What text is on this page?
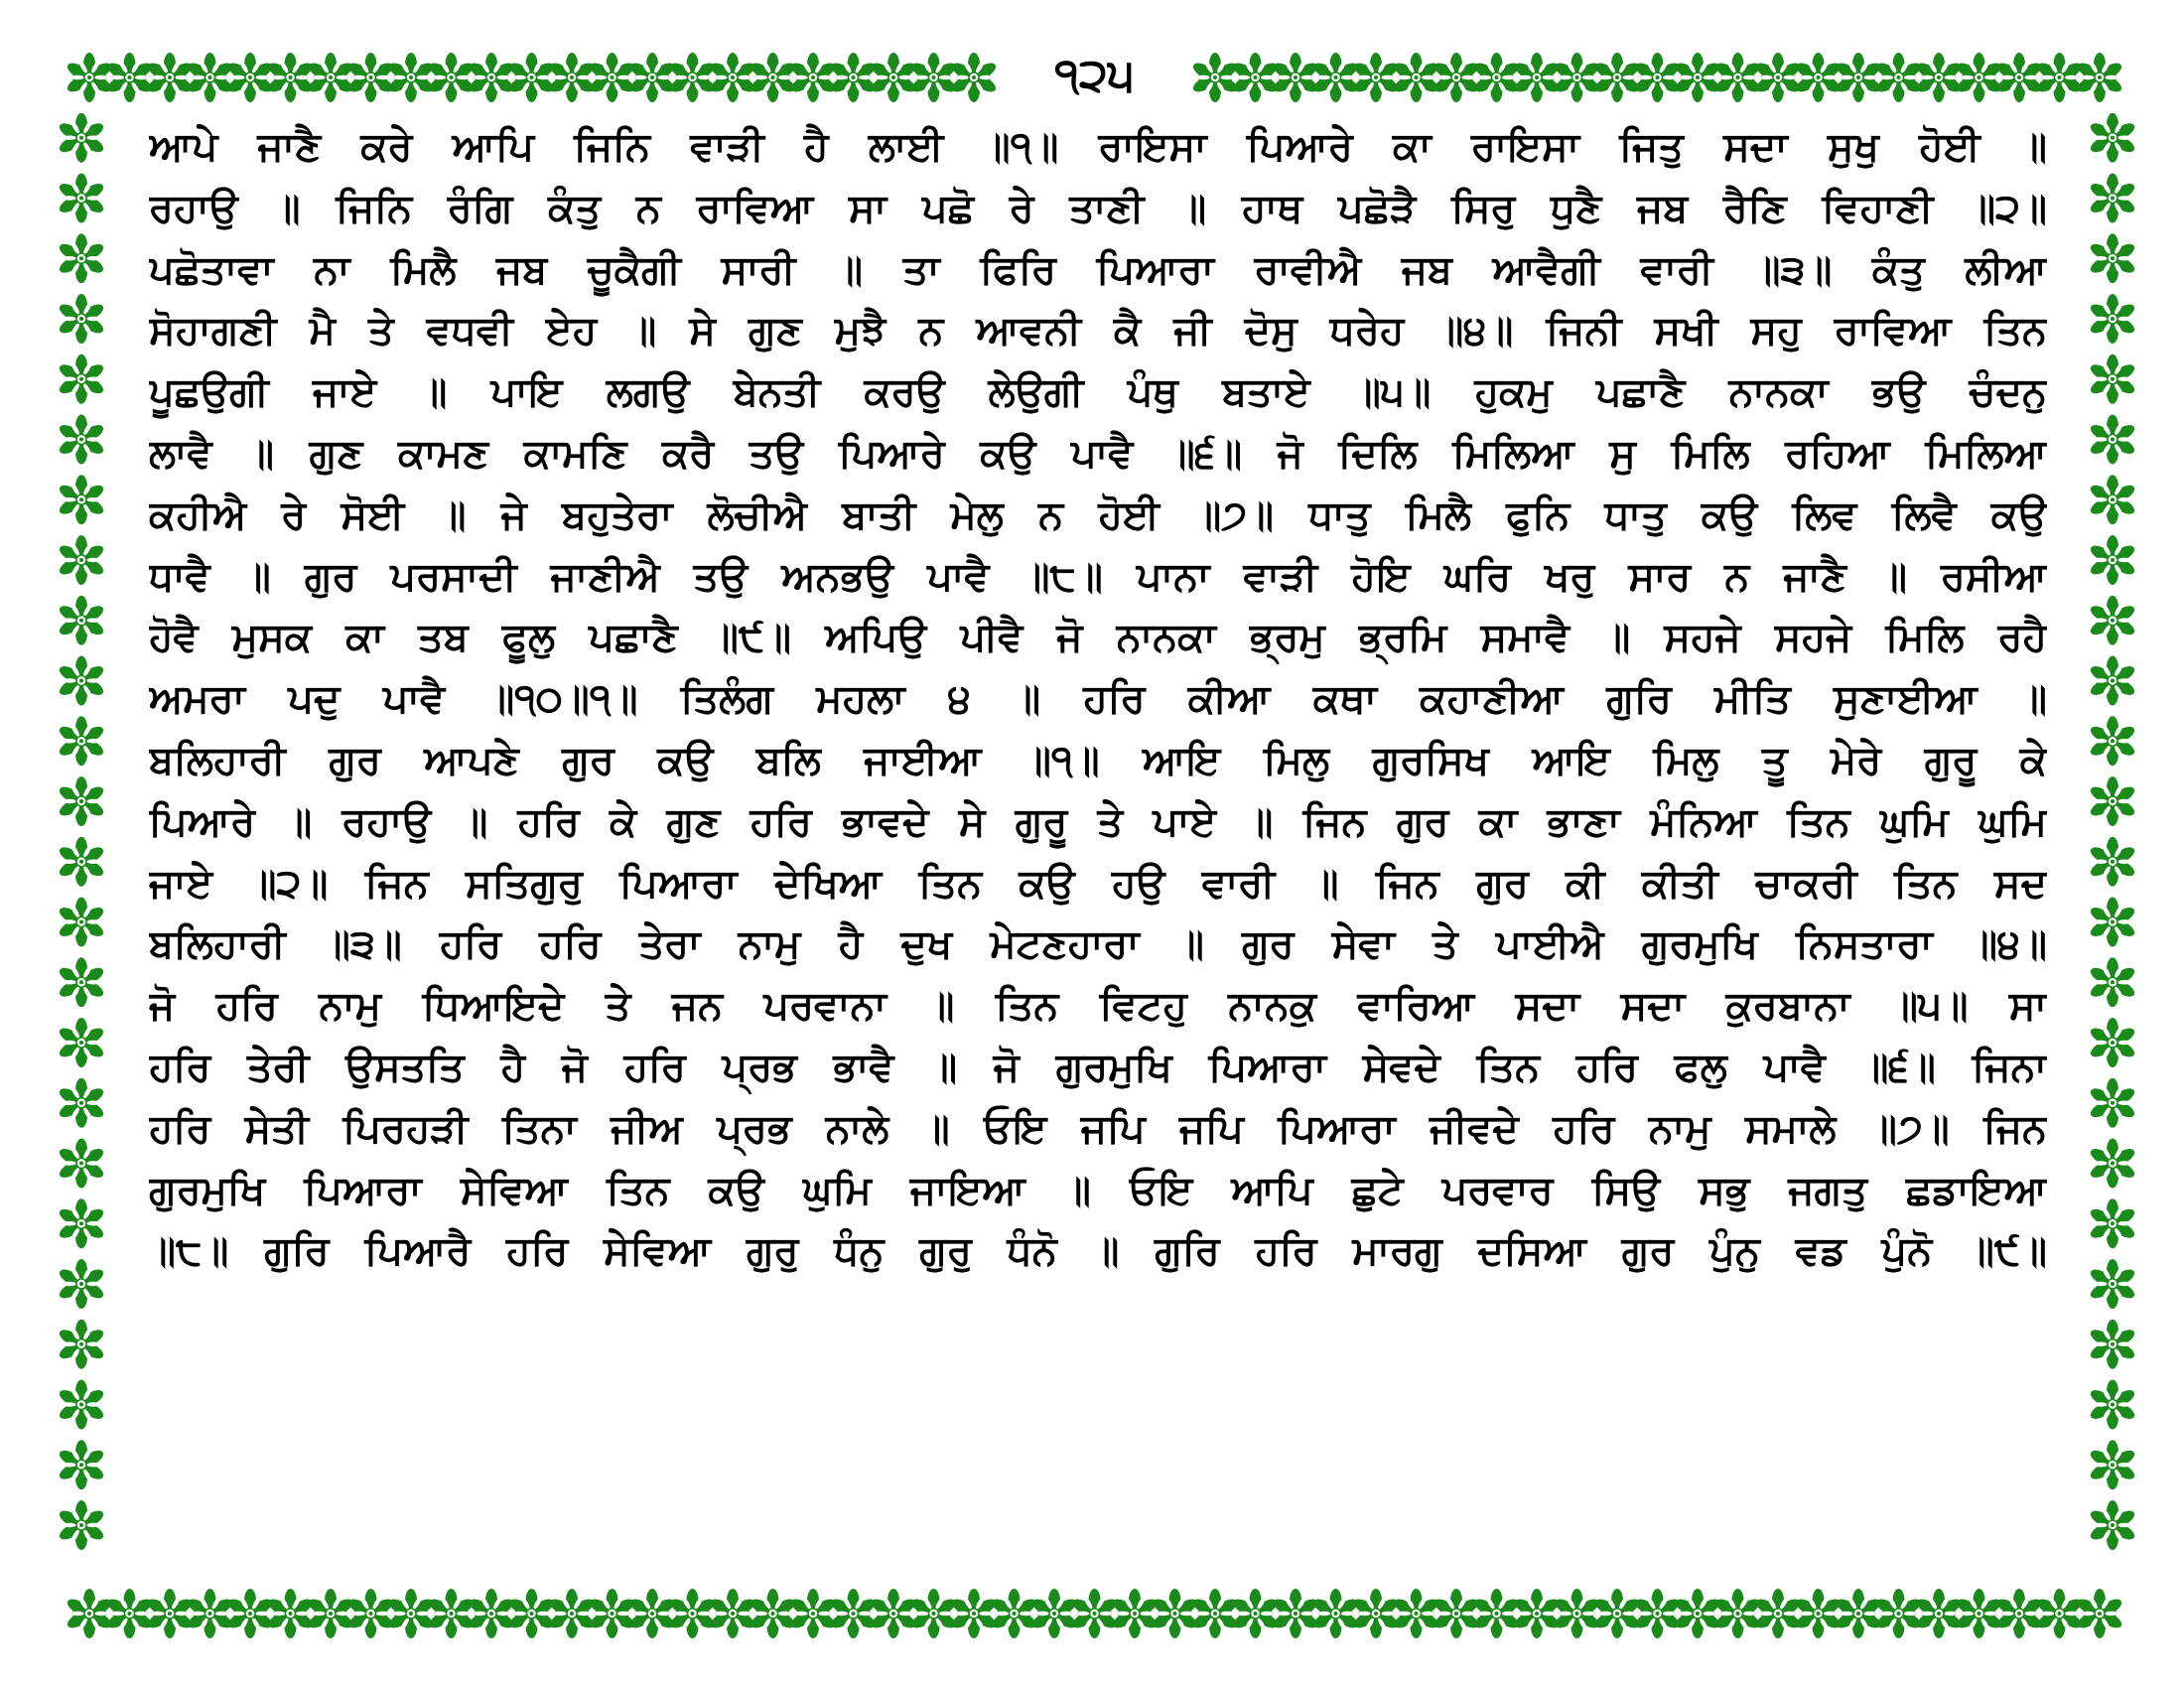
੧੨੫
ਆਪੇ ਜਾਣੈ ਕਰੇ ਆਪਿ ਜਿਨਿ ਵਾੜੀ ਹੈ ਲਾਈ ॥੧॥ ਰਾਇਸਾ ਪਿਆਰੇ ਕਾ ਰਾਇਸਾ ਜਿਤੁ ਸਦਾ ਸੁਖੁ ਹੋਈ ॥
ਰਹਾਉ ॥ ਜਿਨਿ ਰੰਗਿ ਕੰਤੁ ਨ ਰਾਵਿਆ ਸਾ ਪਛੋ ਰੇ ਤਾਣੀ ॥ ਹਾਥ ਪਛੋੜੈ ਸਿਰੁ ਧੁਣੈ ਜਬ ਰੈਣਿ ਵਿਹਾਣੀ ॥੨॥
ਪਛੋਤਾਵਾ ਨਾ ਮਿਲੈ ਜਬ ਚੂਕੈਗੀ ਸਾਰੀ ॥ ਤਾ ਫਿਰਿ ਪਿਆਰਾ ਰਾਵੀਐ ਜਬ ਆਵੈਗੀ ਵਾਰੀ ॥੩॥ ਕੰਤੁ ਲੀਆ
ਸੋਹਾਗਣੀ ਮੈ ਤੇ ਵਧਵੀ ਏਹ ॥ ਸੇ ਗੁਣ ਮੁਝੈ ਨ ਆਵਨੀ ਕੈ ਜੀ ਦੋਸੁ ਧਰੇਹ ॥੪॥ ਜਿਨੀ ਸਖੀ ਸਹੁ ਰਾਵਿਆ ਤਿਨ
ਪੂਛਉਗੀ ਜਾਏ ॥ ਪਾਇ ਲਗਉ ਬੇਨਤੀ ਕਰਉ ਲੇਉਗੀ ਪੰਥੁ ਬਤਾਏ ॥੫॥ ਹੁਕਮੁ ਪਛਾਣੈ ਨਾਨਕਾ ਭਉ ਚੰਦਨੁ
ਲਾਵੈ ॥ ਗੁਣ ਕਾਮਣ ਕਾਮਣਿ ਕਰੈ ਤਉ ਪਿਆਰੇ ਕਉ ਪਾਵੈ ॥੬॥ ਜੋ ਦਿਲਿ ਮਿਲਿਆ ਸੁ ਮਿਲਿ ਰਹਿਆ ਮਿਲਿਆ
ਕਹੀਐ ਰੇ ਸੋਈ ॥ ਜੇ ਬਹੁਤੇਰਾ ਲੋਚੀਐ ਬਾਤੀ ਮੇਲੁ ਨ ਹੋਈ ॥੭॥ ਧਾਤੁ ਮਿਲੈ ਫੁਨਿ ਧਾਤੁ ਕਉ ਲਿਵ ਲਿਵੈ ਕਉ
ਧਾਵੈ ॥ ਗੁਰ ਪਰਸਾਦੀ ਜਾਣੀਐ ਤਉ ਅਨਭਉ ਪਾਵੈ ॥੮॥ ਪਾਨਾ ਵਾੜੀ ਹੋਇ ਘਰਿ ਖਰੁ ਸਾਰ ਨ ਜਾਣੈ ॥ ਰਸੀਆ
ਹੋਵੈ ਮੁਸਕ ਕਾ ਤਬ ਫੂਲੁ ਪਛਾਣੈ ॥੯॥ ਅਪਿਉ ਪੀਵੈ ਜੋ ਨਾਨਕਾ ਭ੍ਰਮੁ ਭ੍ਰਮਿ ਸਮਾਵੈ ॥ ਸਹਜੇ ਸਹਜੇ ਮਿਲਿ ਰਹੈ
ਅਮਰਾ ਪਦੁ ਪਾਵੈ ॥੧੦॥੧॥ ਤਿਲੰਗ ਮਹਲਾ ੪ ॥ ਹਰਿ ਕੀਆ ਕਥਾ ਕਹਾਣੀਆ ਗੁਰਿ ਮੀਤਿ ਸੁਣਾਈਆ ॥
ਬਲਿਹਾਰੀ ਗੁਰ ਆਪਣੇ ਗੁਰ ਕਉ ਬਲਿ ਜਾਈਆ ॥੧॥ ਆਇ ਮਿਲੁ ਗੁਰਸਿਖ ਆਇ ਮਿਲੁ ਤੂ ਮੇਰੇ ਗੁਰੂ ਕੇ
ਪਿਆਰੇ ॥ ਰਹਾਉ ॥ ਹਰਿ ਕੇ ਗੁਣ ਹਰਿ ਭਾਵਦੇ ਸੇ ਗੁਰੂ ਤੇ ਪਾਏ ॥ ਜਿਨ ਗੁਰ ਕਾ ਭਾਣਾ ਮੰਨਿਆ ਤਿਨ ਘੁਮਿ ਘੁਮਿ
ਜਾਏ ॥੨॥ ਜਿਨ ਸਤਿਗੁਰੁ ਪਿਆਰਾ ਦੇਖਿਆ ਤਿਨ ਕਉ ਹਉ ਵਾਰੀ ॥ ਜਿਨ ਗੁਰ ਕੀ ਕੀਤੀ ਚਾਕਰੀ ਤਿਨ ਸਦ
ਬਲਿਹਾਰੀ ॥੩॥ ਹਰਿ ਹਰਿ ਤੇਰਾ ਨਾਮੁ ਹੈ ਦੁਖ ਮੇਟਣਹਾਰਾ ॥ ਗੁਰ ਸੇਵਾ ਤੇ ਪਾਈਐ ਗੁਰਮੁਖਿ ਨਿਸਤਾਰਾ ॥੪॥
ਜੋ ਹਰਿ ਨਾਮੁ ਧਿਆਇਦੇ ਤੇ ਜਨ ਪਰਵਾਨਾ ॥ ਤਿਨ ਵਿਟਹੁ ਨਾਨਕੁ ਵਾਰਿਆ ਸਦਾ ਸਦਾ ਕੁਰਬਾਨਾ ॥੫॥ ਸਾ
ਹਰਿ ਤੇਰੀ ਉਸਤਤਿ ਹੈ ਜੋ ਹਰਿ ਪ੍ਰਭ ਭਾਵੈ ॥ ਜੋ ਗੁਰਮੁਖਿ ਪਿਆਰਾ ਸੇਵਦੇ ਤਿਨ ਹਰਿ ਫਲੁ ਪਾਵੈ ॥੬॥ ਜਿਨਾ
ਹਰਿ ਸੇਤੀ ਪਿਰਹੜੀ ਤਿਨਾ ਜੀਅ ਪ੍ਰਭ ਨਾਲੇ ॥ ਓਇ ਜਪਿ ਜਪਿ ਪਿਆਰਾ ਜੀਵਦੇ ਹਰਿ ਨਾਮੁ ਸਮਾਲੇ ॥੭॥ ਜਿਨ
ਗੁਰਮੁਖਿ ਪਿਆਰਾ ਸੇਵਿਆ ਤਿਨ ਕਉ ਘੁਮਿ ਜਾਇਆ ॥ ਓਇ ਆਪਿ ਛੁਟੇ ਪਰਵਾਰ ਸਿਉ ਸਭੁ ਜਗਤੁ ਛਡਾਇਆ
॥੮॥ ਗੁਰਿ ਪਿਆਰੈ ਹਰਿ ਸੇਵਿਆ ਗੁਰੁ ਧੰਨੁ ਗੁਰੁ ਧੰਨੋ ॥ ਗੁਰਿ ਹਰਿ ਮਾਰਗੁ ਦਸਿਆ ਗੁਰ ਪੁੰਨੁ ਵਡ ਪੁੰਨੋ ॥੯॥
